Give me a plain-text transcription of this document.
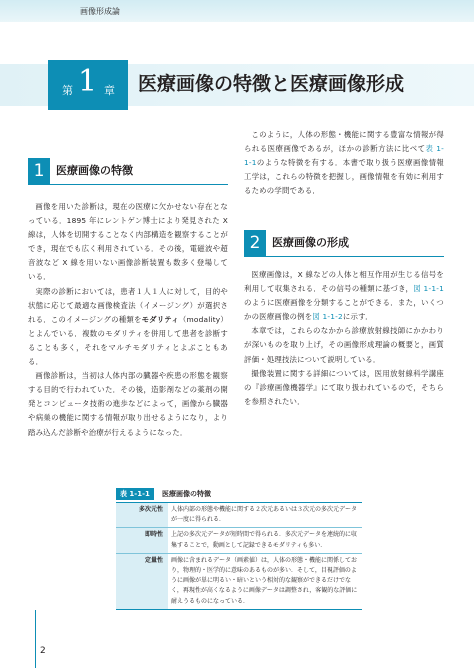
画像形成論
第 1 章 医療画像の特徴と医療画像形成
1	医療画像の特徴

画像を用いた診断は，現在の医療に欠かせない存在となっている．1895 年にレントゲン博士により発見された X 線は，人体を切開することなく内部構造を観察することができ，現在でも広く利用されている．その後，電磁波や超音波など X 線を用いない画像診断装置も数多く登場している．

実際の診断においては，患者１人１人に対して，目的や状態に応じて最適な画像検査法（イメージング）が選択される．このイメージングの種類をモダリティ（modality）とよんでいる．複数のモダリティを併用して患者を診断することも多く，それをマルチモダリティとよぶこともある．

画像診断は，当初は人体内部の臓器や疾患の形態を観察する目的で行われていた．その後，造影剤などの薬剤の開発とコンピュータ技術の進歩などによって，画像から臓器や病巣の機能に関する情報が取り出せるようになり，より踏み込んだ診断や治療が行えるようになった．

このように，人体の形態・機能に関する豊富な情報が得られる医療画像であるが，ほかの診断方法に比べて表 1-1-1のような特徴を有する．本書で取り扱う医療画像情報工学は，これらの特徴を把握し，画像情報を有効に利用するための学問である．

2	医療画像の形成

医療画像は，X 線などの人体と相互作用が生じる信号を利用して収集される．その信号の種類に基づき，図 1-1-1のように医療画像を分類することができる．また，いくつかの医療画像の例を図 1-1-2に示す．

本章では，これらのなかから診療放射線技師にかかわりが深いものを取り上げ，その画像形成理論の概要と，画質評価・処理技法について説明している．

撮像装置に関する詳細については，医用放射線科学講座の『診療画像機器学』にて取り扱われているので，そちらを参照されたい．

表 1-1-1	医療画像の特徴
多次元性	人体内部の形態や機能に関する２次元あるいは３次元の多次元データが一度に得られる．
即時性	上記の多次元データが短時間で得られる．多次元データを連続的に収集することで，動画として記録できるモダリティも多い．
定量性	画像に含まれるデータ（画素値）は，人体の形態・機能に関係しており，物理的・医学的に意味のあるものが多い．そして，目視評価のように画像が単に明るい・暗いという相対的な観察ができるだけでなく，再現性が高くなるように画像データは調整され，客観的な評価に耐えうるものになっている．
2
